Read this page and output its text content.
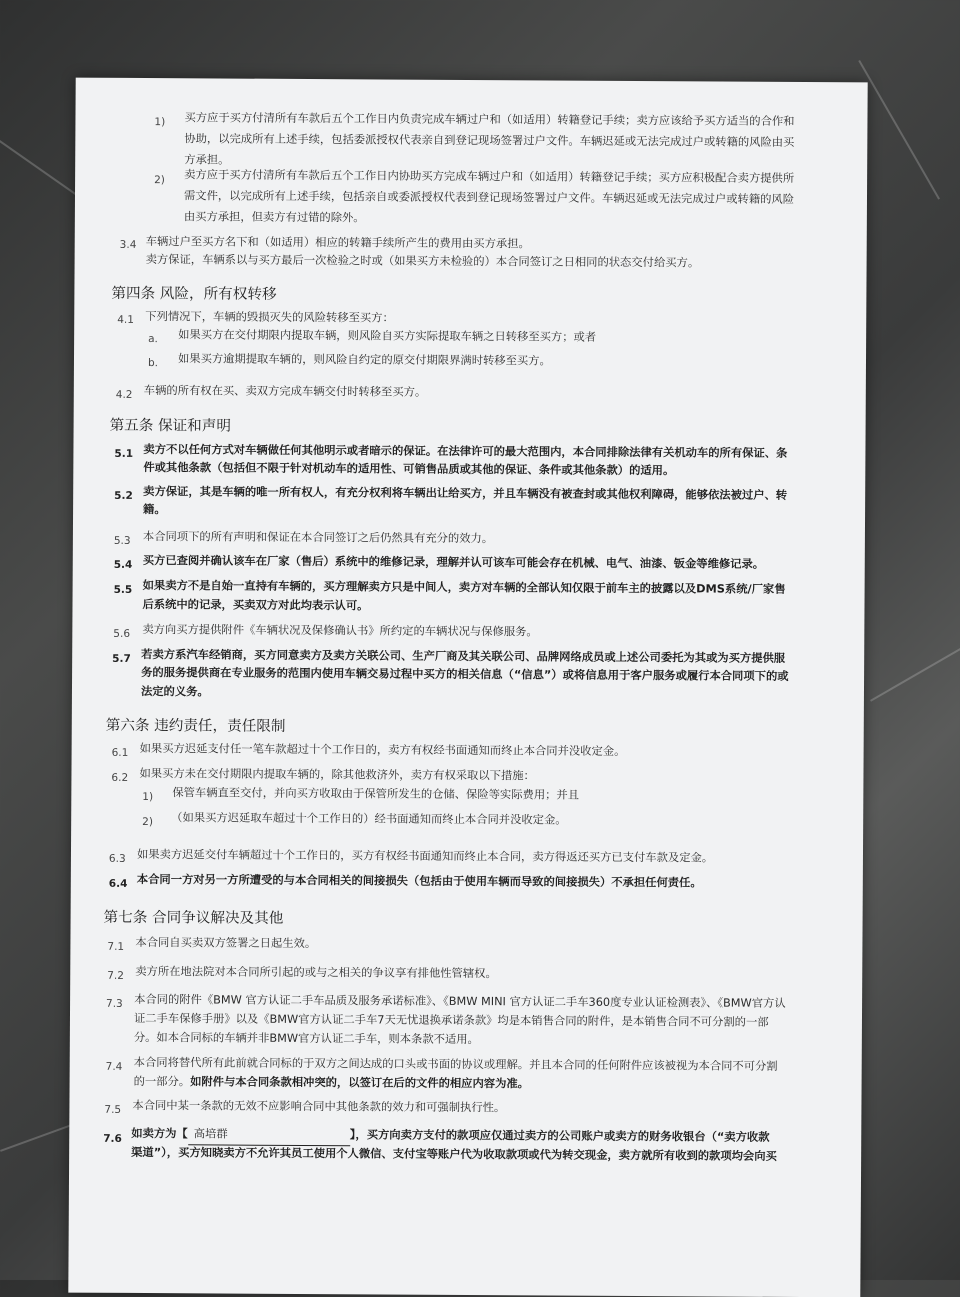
1) 买方应于买方付清所有车款后五个工作日内负责完成车辆过户和（如适用）转籍登记手续；卖方应该给予买方适当的合作和
协助，以完成所有上述手续，包括委派授权代表亲自到登记现场签署过户文件。车辆迟延或无法完成过户或转籍的风险由买
方承担。
2) 卖方应于买方付清所有车款后五个工作日内协助买方完成车辆过户和（如适用）转籍登记手续；买方应积极配合卖方提供所
需文件，以完成所有上述手续，包括亲自或委派授权代表到登记现场签署过户文件。车辆迟延或无法完成过户或转籍的风险
由买方承担，但卖方有过错的除外。
3.4 车辆过户至买方名下和（如适用）相应的转籍手续所产生的费用由买方承担。
卖方保证，车辆系以与买方最后一次检验之时或（如果买方未检验的）本合同签订之日相同的状态交付给买方。
第四条 风险，所有权转移
4.1 下列情况下，车辆的毁损灭失的风险转移至买方：
a. 如果买方在交付期限内提取车辆，则风险自买方实际提取车辆之日转移至买方；或者
b. 如果买方逾期提取车辆的，则风险自约定的原交付期限界满时转移至买方。
4.2 车辆的所有权在买、卖双方完成车辆交付时转移至买方。
第五条 保证和声明
5.1 卖方不以任何方式对车辆做任何其他明示或者暗示的保证。在法律许可的最大范围内，本合同排除法律有关机动车的所有保证、条
件或其他条款（包括但不限于针对机动车的适用性、可销售品质或其他的保证、条件或其他条款）的适用。
5.2 卖方保证，其是车辆的唯一所有权人，有充分权利将车辆出让给买方，并且车辆没有被查封或其他权利障碍，能够依法被过户、转
籍。
5.3 本合同项下的所有声明和保证在本合同签订之后仍然具有充分的效力。
5.4 买方已查阅并确认该车在厂家（售后）系统中的维修记录，理解并认可该车可能会存在机械、电气、油漆、钣金等维修记录。
5.5 如果卖方不是自始一直持有车辆的，买方理解卖方只是中间人，卖方对车辆的全部认知仅限于前车主的披露以及DMS系统/厂家售
后系统中的记录，买卖双方对此均表示认可。
5.6 卖方向买方提供附件《车辆状况及保修确认书》所约定的车辆状况与保修服务。
5.7 若卖方系汽车经销商，买方同意卖方及卖方关联公司、生产厂商及其关联公司、品牌网络成员或上述公司委托为其或为买方提供服
务的服务提供商在专业服务的范围内使用车辆交易过程中买方的相关信息（“信息”）或将信息用于客户服务或履行本合同项下的或
法定的义务。
第六条 违约责任，责任限制
6.1 如果买方迟延支付任一笔车款超过十个工作日的，卖方有权经书面通知而终止本合同并没收定金。
6.2 如果买方未在交付期限内提取车辆的，除其他救济外，卖方有权采取以下措施：
1) 保管车辆直至交付，并向买方收取由于保管所发生的仓储、保险等实际费用；并且
2) （如果买方迟延取车超过十个工作日的）经书面通知而终止本合同并没收定金。
6.3 如果卖方迟延交付车辆超过十个工作日的，买方有权经书面通知而终止本合同，卖方得返还买方已支付车款及定金。
6.4 本合同一方对另一方所遭受的与本合同相关的间接损失（包括由于使用车辆而导致的间接损失）不承担任何责任。
第七条 合同争议解决及其他
7.1 本合同自买卖双方签署之日起生效。
7.2 卖方所在地法院对本合同所引起的或与之相关的争议享有排他性管辖权。
7.3 本合同的附件《BMW 官方认证二手车品质及服务承诺标准》、《BMW MINI 官方认证二手车360度专业认证检测表》、《BMW官方认
证二手车保修手册》以及《BMW官方认证二手车7天无忧退换承诺条款》均是本销售合同的附件，是本销售合同不可分割的一部
分。如本合同标的车辆并非BMW官方认证二手车，则本条款不适用。
7.4 本合同将替代所有此前就合同标的于双方之间达成的口头或书面的协议或理解。并且本合同的任何附件应该被视为本合同不可分割
的一部分。如附件与本合同条款相冲突的，以签订在后的文件的相应内容为准。
7.5 本合同中某一条款的无效不应影响合同中其他条款的效力和可强制执行性。
7.6 如卖方为【 高培群	】，买方向卖方支付的款项应仅通过卖方的公司账户或卖方的财务收银台（“卖方收款
渠道”），买方知晓卖方不允许其员工使用个人微信、支付宝等账户代为收取款项或代为转交现金，卖方就所有收到的款项均会向买
